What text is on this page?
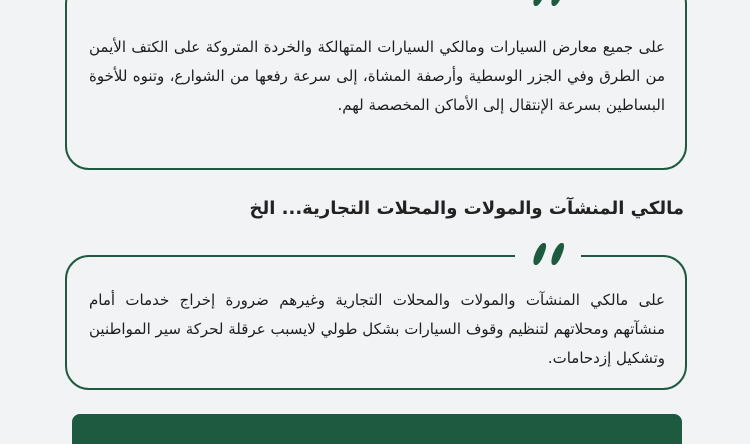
على جميع معارض السيارات ومالكي السيارات المتهالكة والخردة المتروكة على الكتف الأيمن من الطرق وفي الجزر الوسطية وأرصفة المشاة، إلى سرعة رفعها من الشوارع، وتنوه للأخوة البساطين بسرعة الإنتقال إلى الأماكن المخصصة لهم.

مالكي المنشآت والمولات والمحلات التجارية... الخ

على مالكي المنشآت والمولات والمحلات التجارية وغيرهم ضرورة إخراج خدمات أمام منشآتهم ومحلاتهم لتنظيم وقوف السيارات بشكل طولي لايسبب عرقلة لحركة سير المواطنين وتشكيل إزدحامات.
